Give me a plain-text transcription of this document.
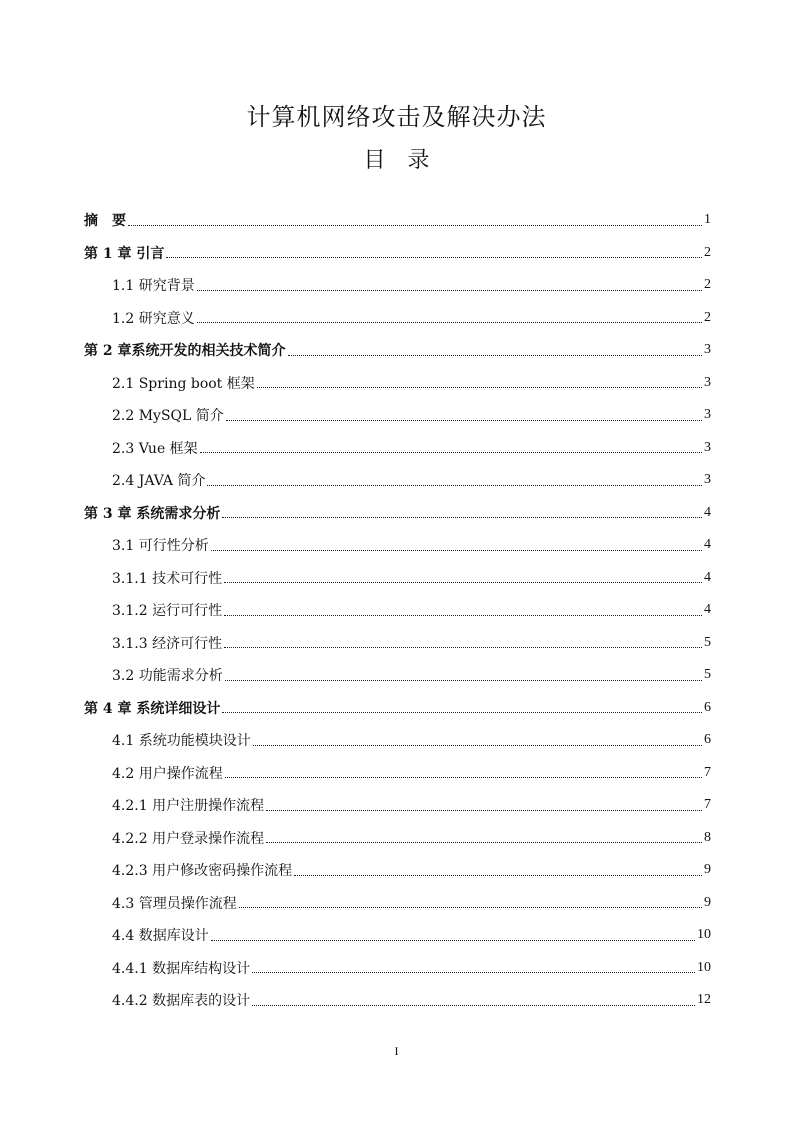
计算机网络攻击及解决办法
目　录
摘　要	1
第 1 章 引言	2
1.1 研究背景	2
1.2 研究意义	2
第 2 章系统开发的相关技术简介	3
2.1 Spring boot 框架	3
2.2 MySQL 简介	3
2.3 Vue 框架	3
2.4 JAVA 简介	3
第 3 章 系统需求分析	4
3.1 可行性分析	4
3.1.1 技术可行性	4
3.1.2 运行可行性	4
3.1.3 经济可行性	5
3.2 功能需求分析	5
第 4 章 系统详细设计	6
4.1 系统功能模块设计	6
4.2 用户操作流程	7
4.2.1 用户注册操作流程	7
4.2.2 用户登录操作流程	8
4.2.3 用户修改密码操作流程	9
4.3 管理员操作流程	9
4.4 数据库设计	10
4.4.1 数据库结构设计	10
4.4.2 数据库表的设计	12
I
